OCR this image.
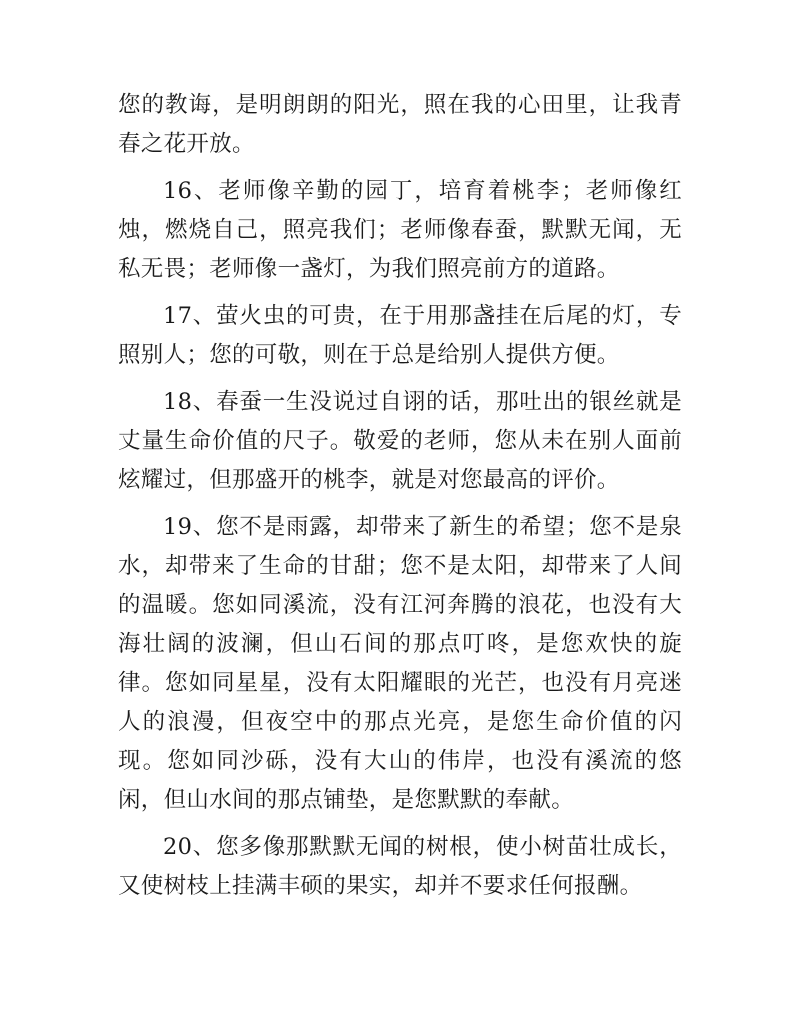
您的教诲，是明朗朗的阳光，照在我的心田里，让我青春之花开放。

16、老师像辛勤的园丁，培育着桃李；老师像红烛，燃烧自己，照亮我们；老师像春蚕，默默无闻，无私无畏；老师像一盏灯，为我们照亮前方的道路。

17、萤火虫的可贵，在于用那盏挂在后尾的灯，专照别人；您的可敬，则在于总是给别人提供方便。

18、春蚕一生没说过自诩的话，那吐出的银丝就是丈量生命价值的尺子。敬爱的老师，您从未在别人面前炫耀过，但那盛开的桃李，就是对您最高的评价。

19、您不是雨露，却带来了新生的希望；您不是泉水，却带来了生命的甘甜；您不是太阳，却带来了人间的温暖。您如同溪流，没有江河奔腾的浪花，也没有大海壮阔的波澜，但山石间的那点叮咚，是您欢快的旋律。您如同星星，没有太阳耀眼的光芒，也没有月亮迷人的浪漫，但夜空中的那点光亮，是您生命价值的闪现。您如同沙砾，没有大山的伟岸，也没有溪流的悠闲，但山水间的那点铺垫，是您默默的奉献。

20、您多像那默默无闻的树根，使小树苗壮成长，又使树枝上挂满丰硕的果实，却并不要求任何报酬。
